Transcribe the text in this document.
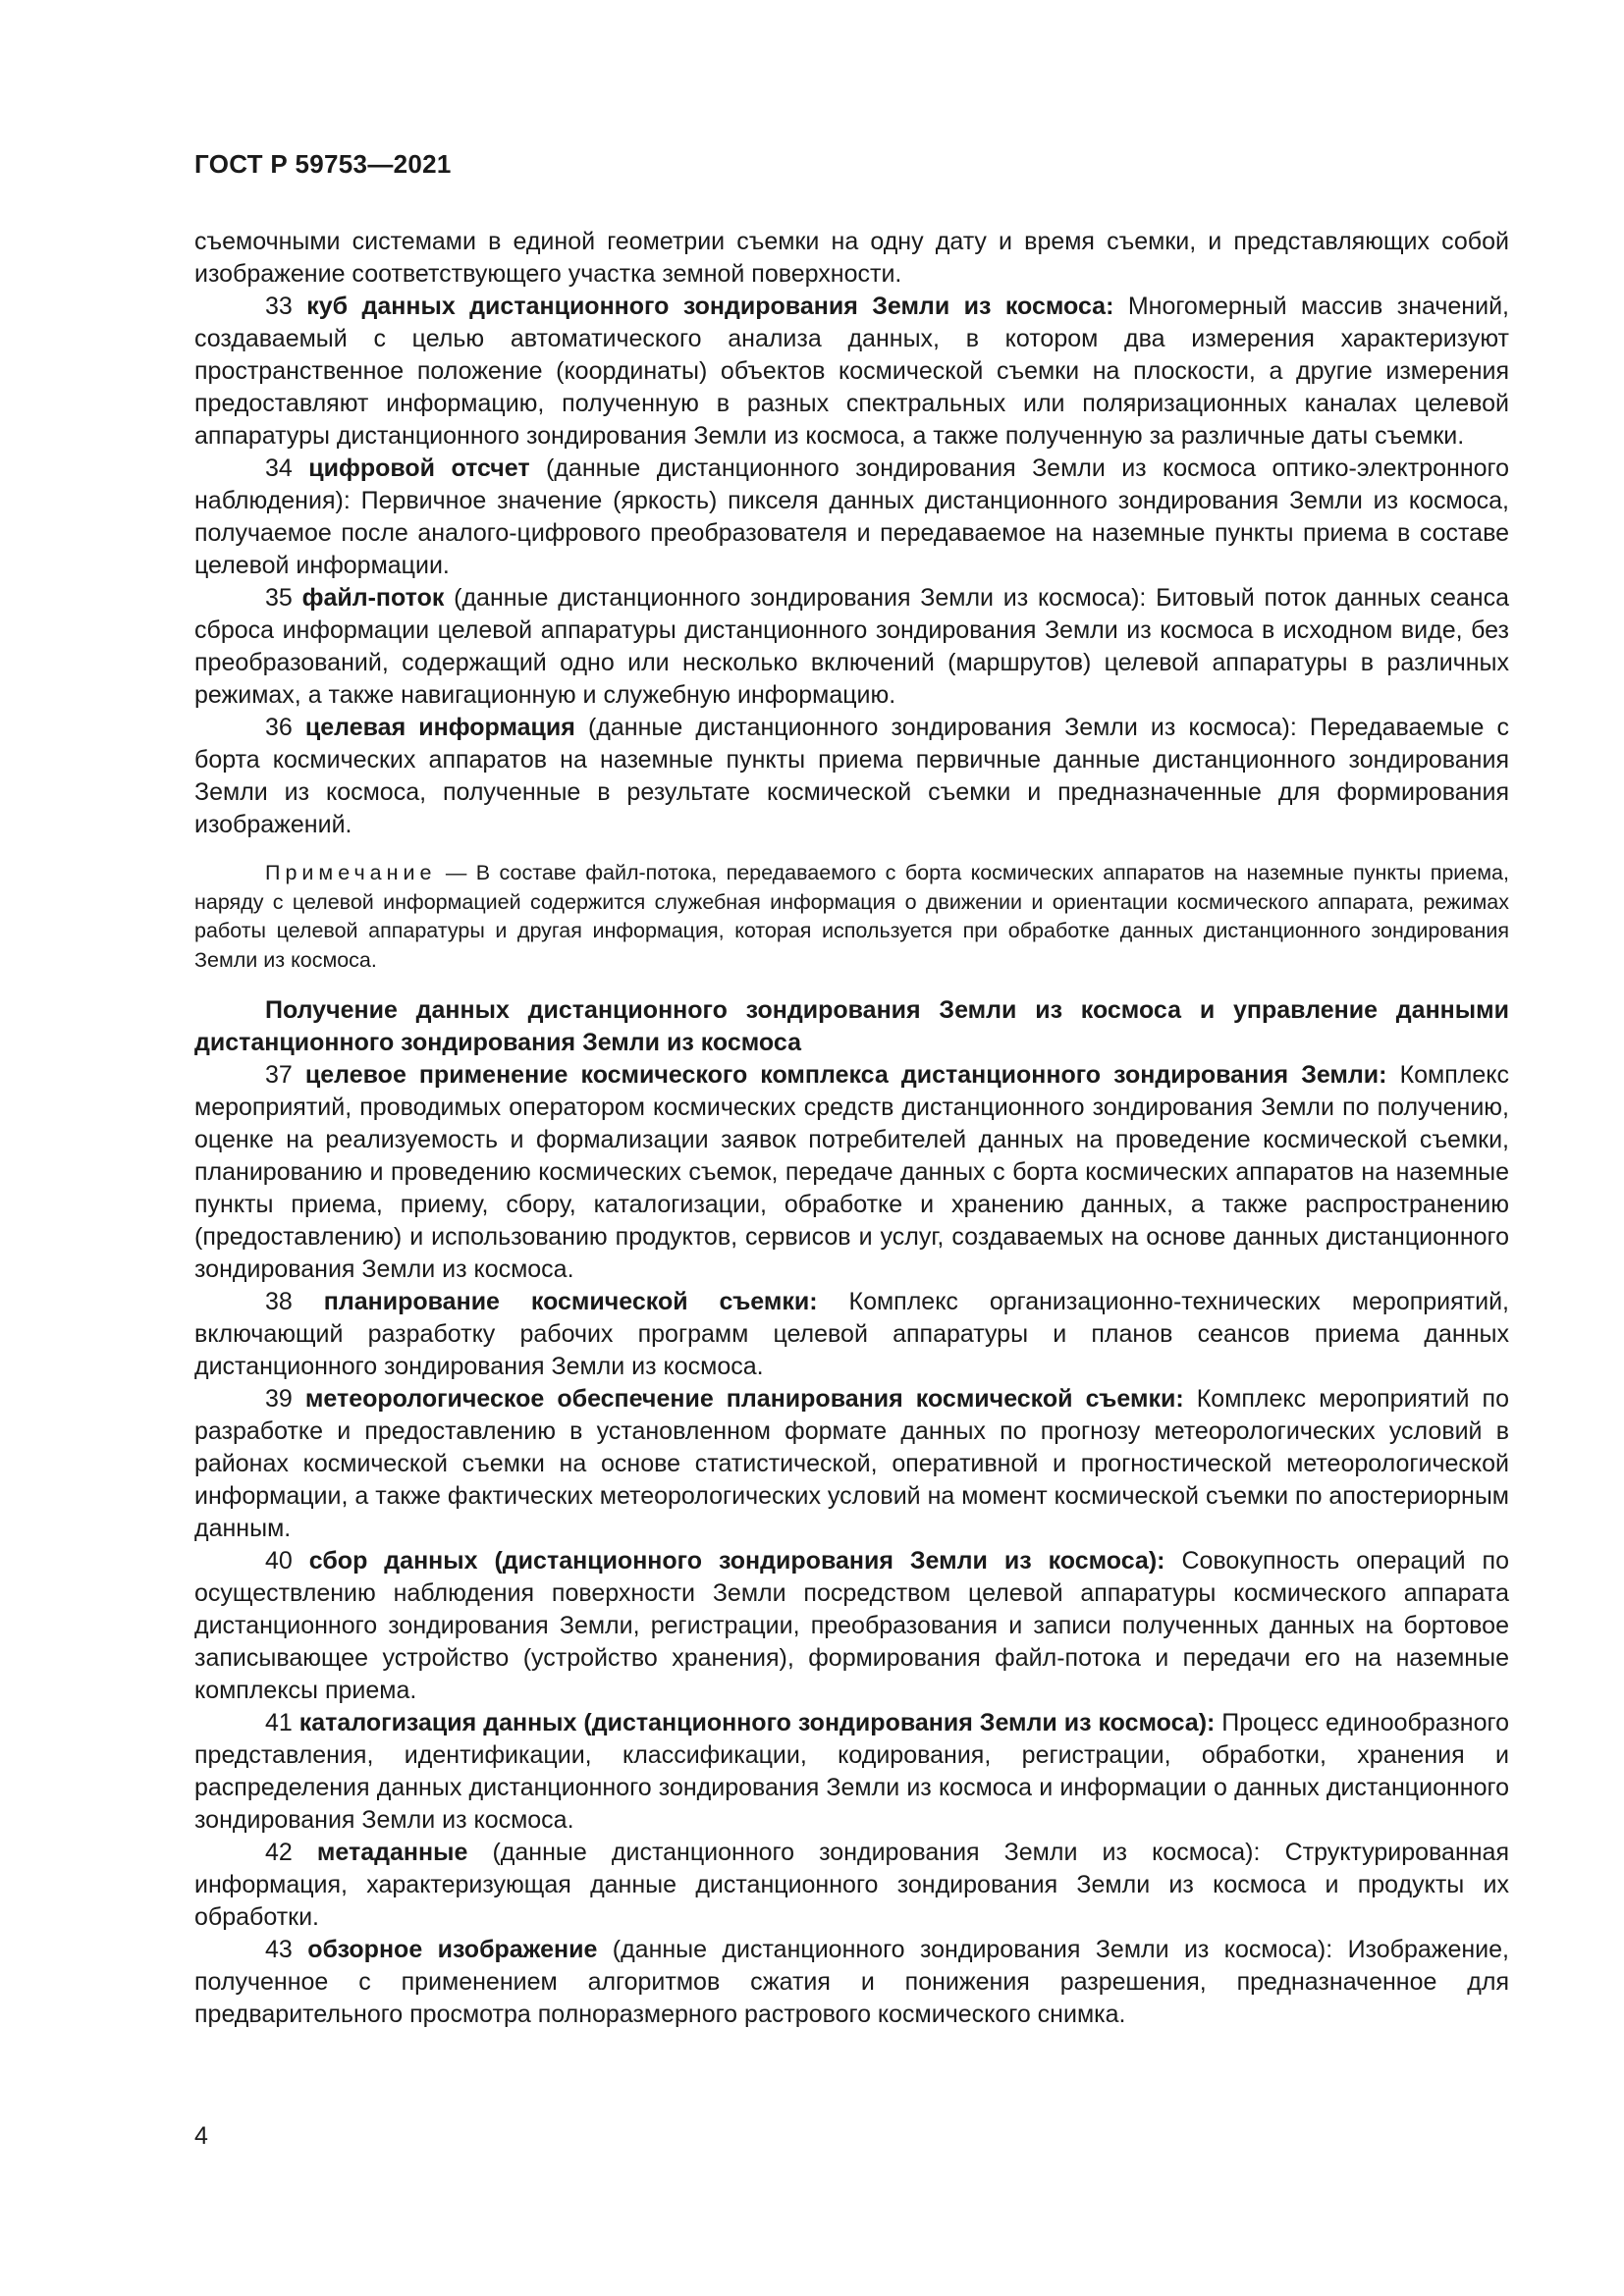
ГОСТ Р 59753—2021

съемочными системами в единой геометрии съемки на одну дату и время съемки, и представляющих собой изображение соответствующего участка земной поверхности.

33 куб данных дистанционного зондирования Земли из космоса: Многомерный массив значений, создаваемый с целью автоматического анализа данных, в котором два измерения характеризуют пространственное положение (координаты) объектов космической съемки на плоскости, а другие измерения предоставляют информацию, полученную в разных спектральных или поляризационных каналах целевой аппаратуры дистанционного зондирования Земли из космоса, а также полученную за различные даты съемки.

34 цифровой отсчет (данные дистанционного зондирования Земли из космоса оптико-электронного наблюдения): Первичное значение (яркость) пикселя данных дистанционного зондирования Земли из космоса, получаемое после аналого-цифрового преобразователя и передаваемое на наземные пункты приема в составе целевой информации.

35 файл-поток (данные дистанционного зондирования Земли из космоса): Битовый поток данных сеанса сброса информации целевой аппаратуры дистанционного зондирования Земли из космоса в исходном виде, без преобразований, содержащий одно или несколько включений (маршрутов) целевой аппаратуры в различных режимах, а также навигационную и служебную информацию.

36 целевая информация (данные дистанционного зондирования Земли из космоса): Передаваемые с борта космических аппаратов на наземные пункты приема первичные данные дистанционного зондирования Земли из космоса, полученные в результате космической съемки и предназначенные для формирования изображений.

Примечание — В составе файл-потока, передаваемого с борта космических аппаратов на наземные пункты приема, наряду с целевой информацией содержится служебная информация о движении и ориентации космического аппарата, режимах работы целевой аппаратуры и другая информация, которая используется при обработке данных дистанционного зондирования Земли из космоса.

Получение данных дистанционного зондирования Земли из космоса и управление данными дистанционного зондирования Земли из космоса

37 целевое применение космического комплекса дистанционного зондирования Земли: Комплекс мероприятий, проводимых оператором космических средств дистанционного зондирования Земли по получению, оценке на реализуемость и формализации заявок потребителей данных на проведение космической съемки, планированию и проведению космических съемок, передаче данных с борта космических аппаратов на наземные пункты приема, приему, сбору, каталогизации, обработке и хранению данных, а также распространению (предоставлению) и использованию продуктов, сервисов и услуг, создаваемых на основе данных дистанционного зондирования Земли из космоса.

38 планирование космической съемки: Комплекс организационно-технических мероприятий, включающий разработку рабочих программ целевой аппаратуры и планов сеансов приема данных дистанционного зондирования Земли из космоса.

39 метеорологическое обеспечение планирования космической съемки: Комплекс мероприятий по разработке и предоставлению в установленном формате данных по прогнозу метеорологических условий в районах космической съемки на основе статистической, оперативной и прогностической метеорологической информации, а также фактических метеорологических условий на момент космической съемки по апостериорным данным.

40 сбор данных (дистанционного зондирования Земли из космоса): Совокупность операций по осуществлению наблюдения поверхности Земли посредством целевой аппаратуры космического аппарата дистанционного зондирования Земли, регистрации, преобразования и записи полученных данных на бортовое записывающее устройство (устройство хранения), формирования файл-потока и передачи его на наземные комплексы приема.

41 каталогизация данных (дистанционного зондирования Земли из космоса): Процесс единообразного представления, идентификации, классификации, кодирования, регистрации, обработки, хранения и распределения данных дистанционного зондирования Земли из космоса и информации о данных дистанционного зондирования Земли из космоса.

42 метаданные (данные дистанционного зондирования Земли из космоса): Структурированная информация, характеризующая данные дистанционного зондирования Земли из космоса и продукты их обработки.

43 обзорное изображение (данные дистанционного зондирования Земли из космоса): Изображение, полученное с применением алгоритмов сжатия и понижения разрешения, предназначенное для предварительного просмотра полноразмерного растрового космического снимка.

4
